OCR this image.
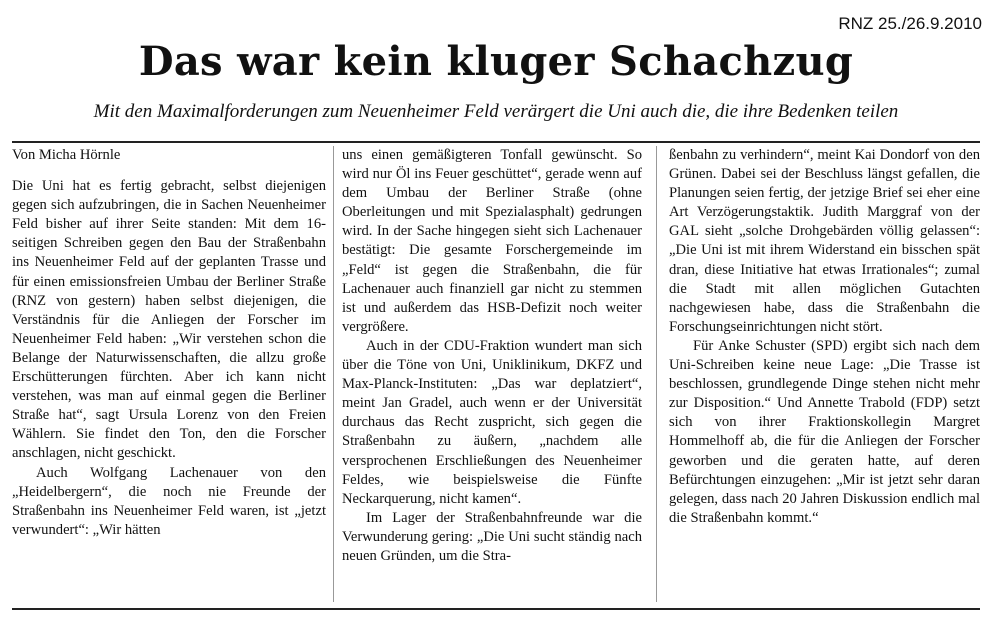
RNZ 25./26.9.2010
Das war kein kluger Schachzug
Mit den Maximalforderungen zum Neuenheimer Feld verärgert die Uni auch die, die ihre Bedenken teilen
Von Micha Hörnle
Die Uni hat es fertig gebracht, selbst diejenigen gegen sich aufzubringen, die in Sachen Neuenheimer Feld bisher auf ihrer Seite standen: Mit dem 16-seitigen Schreiben gegen den Bau der Straßenbahn ins Neuenheimer Feld auf der geplanten Trasse und für einen emissionsfreien Umbau der Berliner Straße (RNZ von gestern) haben selbst diejenigen, die Verständnis für die Anliegen der Forscher im Neuenheimer Feld haben: „Wir verstehen schon die Belange der Naturwissenschaften, die allzu große Erschütterungen fürchten. Aber ich kann nicht verstehen, was man auf einmal gegen die Berliner Straße hat“, sagt Ursula Lorenz von den Freien Wählern. Sie findet den Ton, den die Forscher anschlagen, nicht geschickt.
Auch Wolfgang Lachenauer von den „Heidelbergern“, die noch nie Freunde der Straßenbahn ins Neuenheimer Feld waren, ist „jetzt verwundert“: „Wir hätten
uns einen gemäßigteren Tonfall gewünscht. So wird nur Öl ins Feuer geschüttet“, gerade wenn auf dem Umbau der Berliner Straße (ohne Oberleitungen und mit Spezialasphalt) gedrungen wird. In der Sache hingegen sieht sich Lachenauer bestätigt: Die gesamte Forschergemeinde im „Feld“ ist gegen die Straßenbahn, die für Lachenauer auch finanziell gar nicht zu stemmen ist und außerdem das HSB-Defizit noch weiter vergrößere.
Auch in der CDU-Fraktion wundert man sich über die Töne von Uni, Uniklinikum, DKFZ und Max-Planck-Instituten: „Das war deplatziert“, meint Jan Gradel, auch wenn er der Universität durchaus das Recht zuspricht, sich gegen die Straßenbahn zu äußern, „nachdem alle versprochenen Erschließungen des Neuenheimer Feldes, wie beispielsweise die Fünfte Neckarquerung, nicht kamen“.
Im Lager der Straßenbahnfreunde war die Verwunderung gering: „Die Uni sucht ständig nach neuen Gründen, um die Stra-
ßenbahn zu verhindern“, meint Kai Dondorf von den Grünen. Dabei sei der Beschluss längst gefallen, die Planungen seien fertig, der jetzige Brief sei eher eine Art Verzögerungstaktik. Judith Marggraf von der GAL sieht „solche Drohgebärden völlig gelassen“: „Die Uni ist mit ihrem Widerstand ein bisschen spät dran, diese Initiative hat etwas Irrationales“; zumal die Stadt mit allen möglichen Gutachten nachgewiesen habe, dass die Straßenbahn die Forschungseinrichtungen nicht stört.
Für Anke Schuster (SPD) ergibt sich nach dem Uni-Schreiben keine neue Lage: „Die Trasse ist beschlossen, grundlegende Dinge stehen nicht mehr zur Disposition.“ Und Annette Trabold (FDP) setzt sich von ihrer Fraktionskollegin Margret Hommelhoff ab, die für die Anliegen der Forscher geworben und die geraten hatte, auf deren Befürchtungen einzugehen: „Mir ist jetzt sehr daran gelegen, dass nach 20 Jahren Diskussion endlich mal die Straßenbahn kommt.“
